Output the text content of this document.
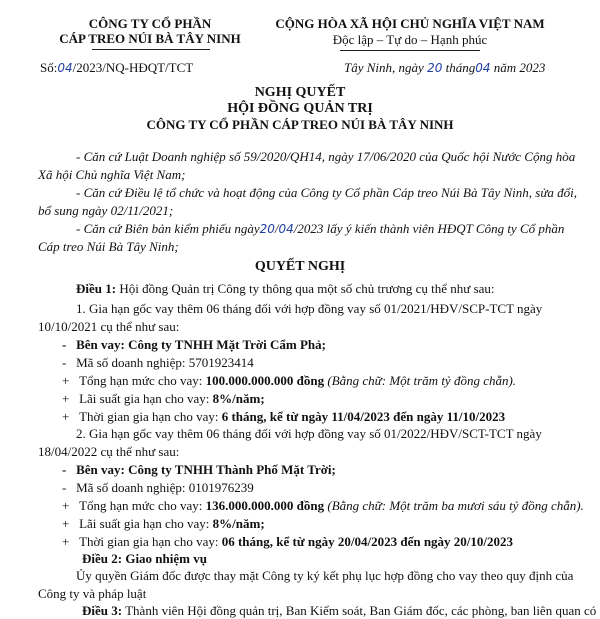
CÔNG TY CỔ PHẦN
CÁP TREO NÚI BÀ TÂY NINH
Số:04/2023/NQ-HĐQT/TCT
CỘNG HÒA XÃ HỘI CHỦ NGHĨA VIỆT NAM
Độc lập – Tự do – Hạnh phúc
Tây Ninh, ngày 20 tháng04 năm 2023
NGHỊ QUYẾT
HỘI ĐỒNG QUẢN TRỊ
CÔNG TY CỔ PHẦN CÁP TREO NÚI BÀ TÂY NINH
- Căn cứ Luật Doanh nghiệp số 59/2020/QH14, ngày 17/06/2020 của Quốc hội Nước Cộng hòa Xã hội Chủ nghĩa Việt Nam;
- Căn cứ Điều lệ tổ chức và hoạt động của Công ty Cổ phần Cáp treo Núi Bà Tây Ninh, sửa đổi, bổ sung ngày 02/11/2021;
- Căn cứ Biên bản kiểm phiếu ngày20/04/2023 lấy ý kiến thành viên HĐQT Công ty Cổ phần Cáp treo Núi Bà Tây Ninh;
QUYẾT NGHỊ
Điều 1: Hội đồng Quản trị Công ty thông qua một số chủ trương cụ thể như sau:
1. Gia hạn gốc vay thêm 06 tháng đối với hợp đồng vay số 01/2021/HĐV/SCP-TCT ngày 10/10/2021 cụ thể như sau:
- Bên vay: Công ty TNHH Mặt Trời Cẩm Phả;
- Mã số doanh nghiệp: 5701923414
+ Tổng hạn mức cho vay: 100.000.000.000 đồng (Bằng chữ: Một trăm tỷ đồng chẵn).
+ Lãi suất gia hạn cho vay: 8%/năm;
+ Thời gian gia hạn cho vay: 6 tháng, kể từ ngày 11/04/2023 đến ngày 11/10/2023
2. Gia hạn gốc vay thêm 06 tháng đối với hợp đồng vay số 01/2022/HĐV/SCT-TCT ngày 18/04/2022 cụ thể như sau:
- Bên vay: Công ty TNHH Thành Phố Mặt Trời;
- Mã số doanh nghiệp: 0101976239
+ Tổng hạn mức cho vay: 136.000.000.000 đồng (Bằng chữ: Một trăm ba mươi sáu tỷ đồng chẵn).
+ Lãi suất gia hạn cho vay: 8%/năm;
+ Thời gian gia hạn cho vay: 06 tháng, kể từ ngày 20/04/2023 đến ngày 20/10/2023
Điều 2: Giao nhiệm vụ
Ủy quyền Giám đốc được thay mặt Công ty ký kết phụ lục hợp đồng cho vay theo quy định của Công ty và pháp luật
Điều 3: Thành viên Hội đồng quản trị, Ban Kiểm soát, Ban Giám đốc, các phòng, ban liên quan có
